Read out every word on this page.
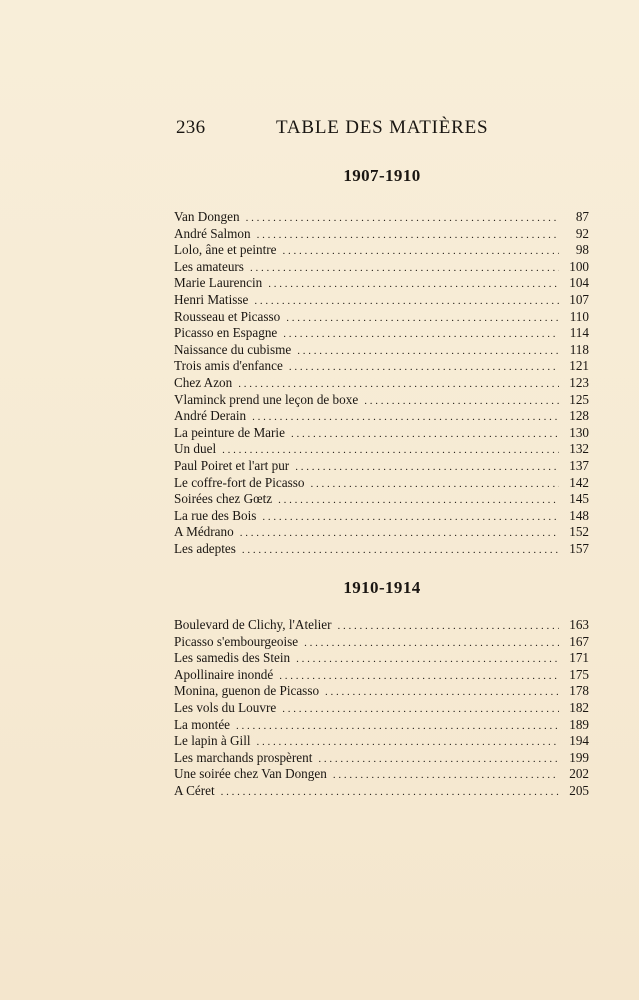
236	TABLE DES MATIÈRES
1907-1910
Van Dongen . . .	87
André Salmon . . .	92
Lolo, âne et peintre . . .	98
Les amateurs . . .	100
Marie Laurencin . . .	104
Henri Matisse . . .	107
Rousseau et Picasso . . .	110
Picasso en Espagne . . .	114
Naissance du cubisme . . .	118
Trois amis d'enfance . . .	121
Chez Azon . . .	123
Vlaminck prend une leçon de boxe . . .	125
André Derain . . .	128
La peinture de Marie . . .	130
Un duel . . .	132
Paul Poiret et l'art pur . . .	137
Le coffre-fort de Picasso . . .	142
Soirées chez Gœtz . . .	145
La rue des Bois . . .	148
A Médrano . . .	152
Les adeptes . . .	157
1910-1914
Boulevard de Clichy, l'Atelier . . .	163
Picasso s'embourgeoise . . .	167
Les samedis des Stein . . .	171
Apollinaire inondé . . .	175
Monina, guenon de Picasso . . .	178
Les vols du Louvre . . .	182
La montée . . .	189
Le lapin à Gill . . .	194
Les marchands prospèrent . . .	199
Une soirée chez Van Dongen . . .	202
A Céret . . .	205
